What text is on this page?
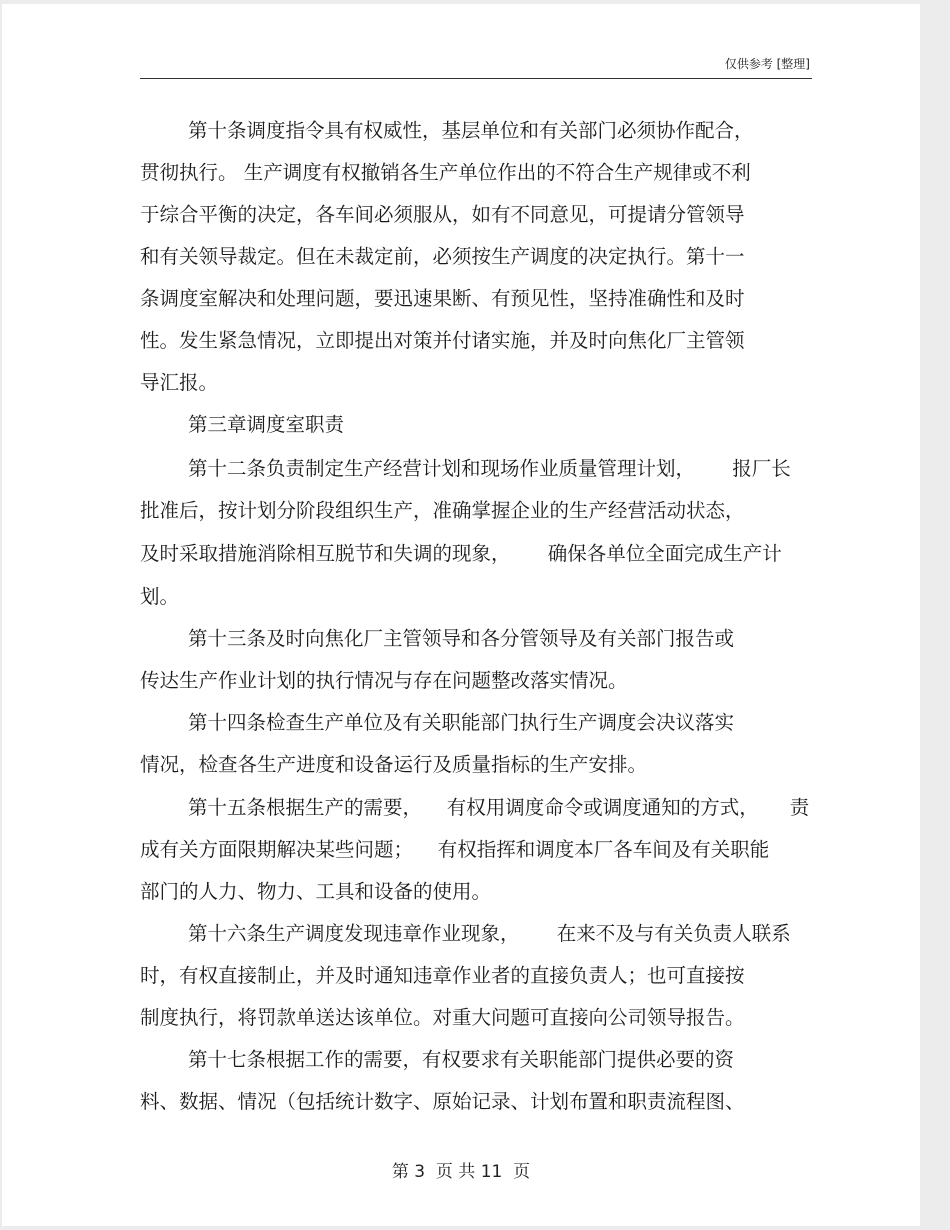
仅供参考 [整理]
第十条调度指令具有权威性，基层单位和有关部门必须协作配合，
贯彻执行。 生产调度有权撤销各生产单位作出的不符合生产规律或不利
于综合平衡的决定，各车间必须服从，如有不同意见，可提请分管领导
和有关领导裁定。但在未裁定前，必须按生产调度的决定执行。第十一
条调度室解决和处理问题，要迅速果断、有预见性，坚持准确性和及时
性。发生紧急情况，立即提出对策并付诸实施，并及时向焦化厂主管领
导汇报。
第三章调度室职责
第十二条负责制定生产经营计划和现场作业质量管理计划，      报厂长
批准后，按计划分阶段组织生产，准确掌握企业的生产经营活动状态，
及时采取措施消除相互脱节和失调的现象，      确保各单位全面完成生产计
划。
第十三条及时向焦化厂主管领导和各分管领导及有关部门报告或
传达生产作业计划的执行情况与存在问题整改落实情况。
第十四条检查生产单位及有关职能部门执行生产调度会决议落实
情况，检查各生产进度和设备运行及质量指标的生产安排。
第十五条根据生产的需要，    有权用调度命令或调度通知的方式，     责
成有关方面限期解决某些问题；    有权指挥和调度本厂各车间及有关职能
部门的人力、物力、工具和设备的使用。
第十六条生产调度发现违章作业现象，      在来不及与有关负责人联系
时，有权直接制止，并及时通知违章作业者的直接负责人；也可直接按
制度执行，将罚款单送达该单位。对重大问题可直接向公司领导报告。
第十七条根据工作的需要，有权要求有关职能部门提供必要的资
料、数据、情况（包括统计数字、原始记录、计划布置和职责流程图、
第 3  页 共 11  页
